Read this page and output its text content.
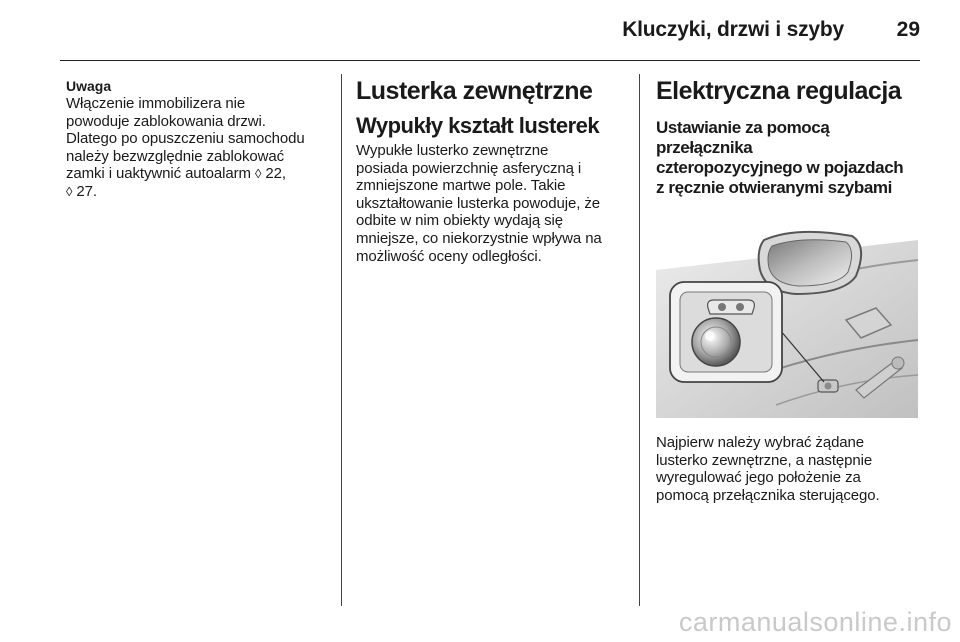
Kluczyki, drzwi i szyby	29

Uwaga

Włączenie immobilizera nie

powoduje zablokowania drzwi.

Dlatego po opuszczeniu samochodu

należy bezwzględnie zablokować

zamki i uaktywnić autoalarm ◊ 22,

◊ 27.

Lusterka zewnętrzne
Wypukły kształt lusterek

Wypukłe lusterko zewnętrzne

posiada powierzchnię asferyczną i

zmniejszone martwe pole. Takie

ukształtowanie lusterka powoduje, że

odbite w nim obiekty wydają się

mniejsze, co niekorzystnie wpływa na

możliwość oceny odległości.

Elektryczna regulacja
Ustawianie za pomocą
przełącznika
czteropozycyjnego w pojazdach
z ręcznie otwieranymi szybami

Najpierw należy wybrać żądane

lusterko zewnętrzne, a następnie

wyregulować jego położenie za

pomocą przełącznika sterującego.

carmanualsonline.info
